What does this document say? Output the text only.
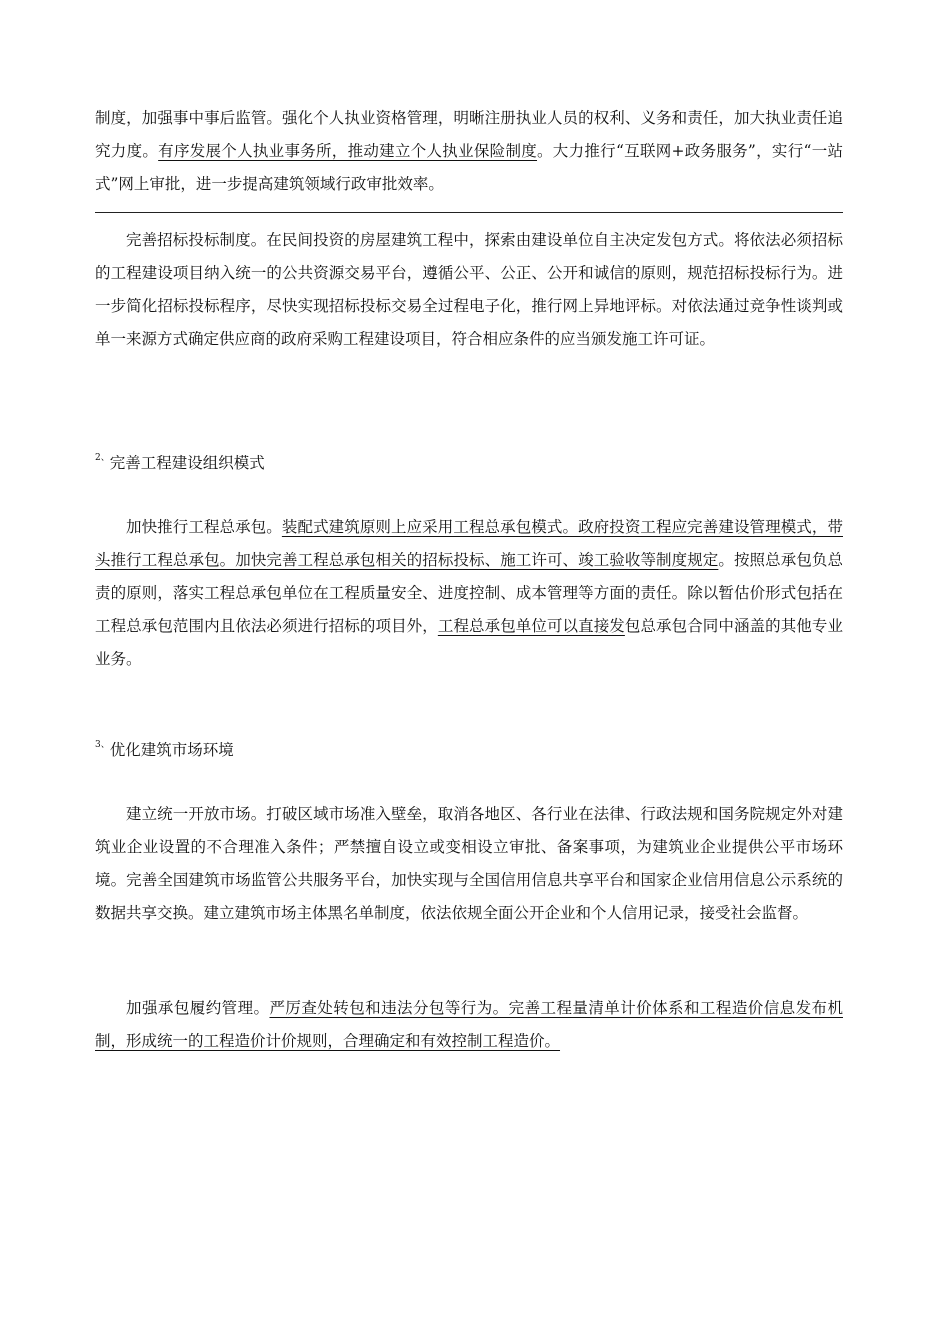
制度，加强事中事后监管。强化个人执业资格管理，明晰注册执业人员的权利、义务和责任，加大执业责任追究力度。有序发展个人执业事务所，推动建立个人执业保险制度。大力推行“互联网+政务服务”，实行“一站式”网上审批，进一步提高建筑领域行政审批效率。

完善招标投标制度。在民间投资的房屋建筑工程中，探索由建设单位自主决定发包方式。将依法必须招标的工程建设项目纳入统一的公共资源交易平台，遵循公平、公正、公开和诚信的原则，规范招标投标行为。进一步简化招标投标程序，尽快实现招标投标交易全过程电子化，推行网上异地评标。对依法通过竞争性谈判或单一来源方式确定供应商的政府采购工程建设项目，符合相应条件的应当颁发施工许可证。

$^{2、}$完善工程建设组织模式

加快推行工程总承包。装配式建筑原则上应采用工程总承包模式。政府投资工程应完善建设管理模式，带头推行工程总承包。加快完善工程总承包相关的招标投标、施工许可、竣工验收等制度规定。按照总承包负总责的原则，落实工程总承包单位在工程质量安全、进度控制、成本管理等方面的责任。除以暂估价形式包括在工程总承包范围内且依法必须进行招标的项目外，工程总承包单位可以直接发包总承包合同中涵盖的其他专业业务。

$^{3、}$优化建筑市场环境

建立统一开放市场。打破区域市场准入壁垒，取消各地区、各行业在法律、行政法规和国务院规定外对建筑业企业设置的不合理准入条件；严禁擅自设立或变相设立审批、备案事项，为建筑业企业提供公平市场环境。完善全国建筑市场监管公共服务平台，加快实现与全国信用信息共享平台和国家企业信用信息公示系统的数据共享交换。建立建筑市场主体黑名单制度，依法依规全面公开企业和个人信用记录，接受社会监督。

加强承包履约管理。严厉查处转包和违法分包等行为。完善工程量清单计价体系和工程造价信息发布机制，形成统一的工程造价计价规则，合理确定和有效控制工程造价。
